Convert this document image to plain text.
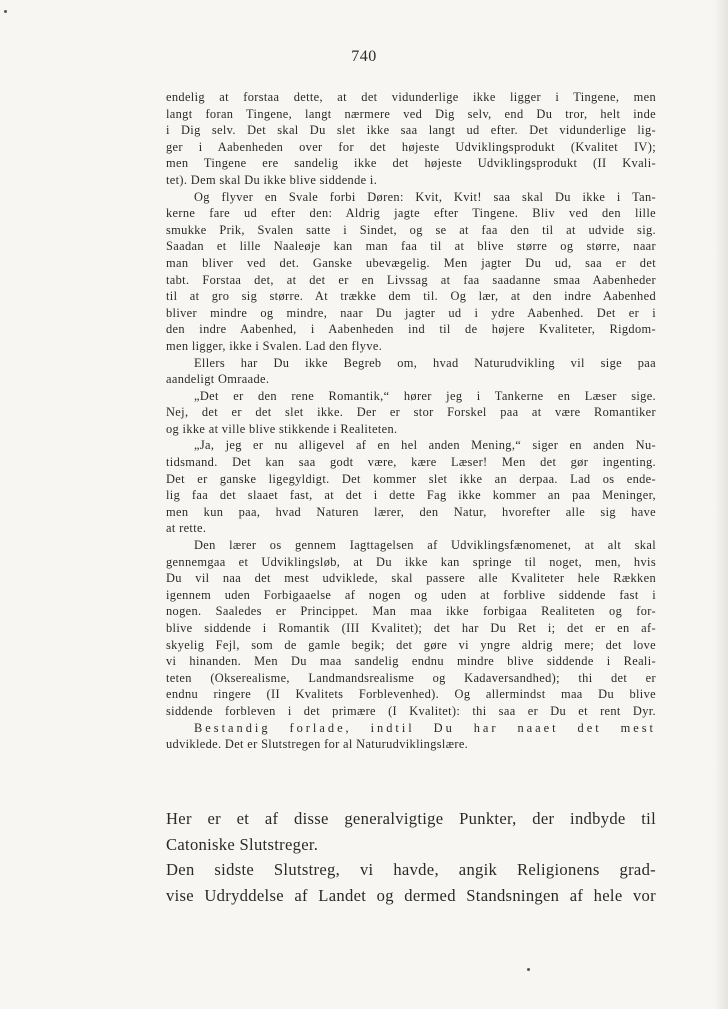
740
endelig at forstaa dette, at det vidunderlige ikke ligger i Tingene, men
langt foran Tingene, langt nærmere ved Dig selv, end Du tror, helt inde
i Dig selv. Det skal Du slet ikke saa langt ud efter. Det vidunderlige lig-
ger i Aabenheden over for det højeste Udviklingsprodukt (Kvalitet IV);
men Tingene ere sandelig ikke det højeste Udviklingsprodukt (II Kvali-
tet). Dem skal Du ikke blive siddende i.
Og flyver en Svale forbi Døren: Kvit, Kvit! saa skal Du ikke i Tan-
kerne fare ud efter den: Aldrig jagte efter Tingene. Bliv ved den lille
smukke Prik, Svalen satte i Sindet, og se at faa den til at udvide sig.
Saadan et lille Naaleøje kan man faa til at blive større og større, naar
man bliver ved det. Ganske ubevægelig. Men jagter Du ud, saa er det
tabt. Forstaa det, at det er en Livssag at faa saadanne smaa Aabenheder
til at gro sig større. At trække dem til. Og lær, at den indre Aabenhed
bliver mindre og mindre, naar Du jagter ud i ydre Aabenhed. Det er i
den indre Aabenhed, i Aabenheden ind til de højere Kvaliteter, Rigdom-
men ligger, ikke i Svalen. Lad den flyve.
Ellers har Du ikke Begreb om, hvad Naturudvikling vil sige paa
aandeligt Omraade.
„Det er den rene Romantik,“ hører jeg i Tankerne en Læser sige.
Nej, det er det slet ikke. Der er stor Forskel paa at være Romantiker
og ikke at ville blive stikkende i Realiteten.
„Ja, jeg er nu alligevel af en hel anden Mening,“ siger en anden Nu-
tidsmand. Det kan saa godt være, kære Læser! Men det gør ingenting.
Det er ganske ligegyldigt. Det kommer slet ikke an derpaa. Lad os ende-
lig faa det slaaet fast, at det i dette Fag ikke kommer an paa Meninger,
men kun paa, hvad Naturen lærer, den Natur, hvorefter alle sig have
at rette.
Den lærer os gennem Iagttagelsen af Udviklingsfænomenet, at alt skal
gennemgaa et Udviklingsløb, at Du ikke kan springe til noget, men, hvis
Du vil naa det mest udviklede, skal passere alle Kvaliteter hele Rækken
igennem uden Forbigaaelse af nogen og uden at forblive siddende fast i
nogen. Saaledes er Princippet. Man maa ikke forbigaa Realiteten og for-
blive siddende i Romantik (III Kvalitet); det har Du Ret i; det er en af-
skyelig Fejl, som de gamle begik; det gøre vi yngre aldrig mere; det love
vi hinanden. Men Du maa sandelig endnu mindre blive siddende i Reali-
teten (Okserealisme, Landmandsrealisme og Kadaversandhed); thi det er
endnu ringere (II Kvalitets Forblevenhed). Og allermindst maa Du blive
siddende forbleven i det primære (I Kvalitet): thi saa er Du et rent Dyr.
Bestandig forlade, indtil Du har naaet det mest
udviklede. Det er Slutstregen for al Naturudviklingslære.
Her er et af disse generalvigtige Punkter, der indbyde til
Catoniske Slutstreger.
Den sidste Slutstreg, vi havde, angik Religionens grad-
vise Udryddelse af Landet og dermed Standsningen af hele vor
